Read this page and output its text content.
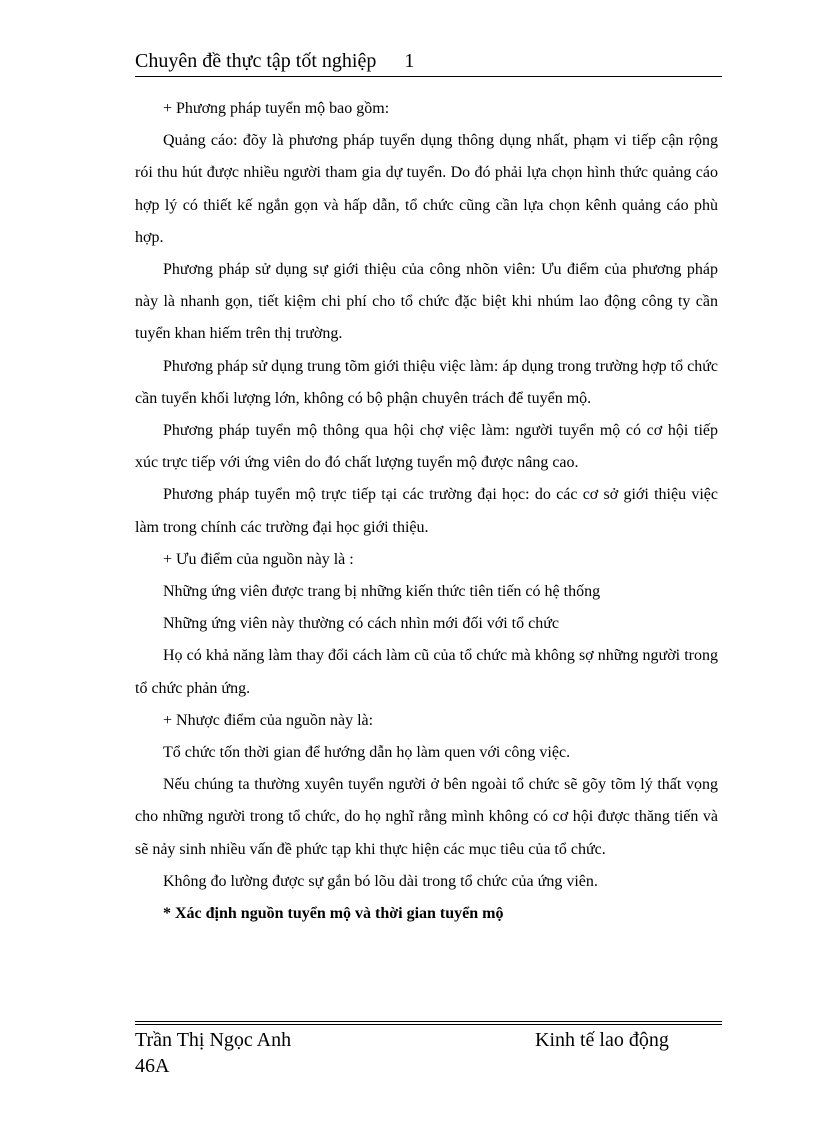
Chuyên đề thực tập tốt nghiệp 1

+ Phương pháp tuyển mộ bao gồm:

Quảng cáo: đõy là phương pháp tuyển dụng thông dụng nhất, phạm vi tiếp cận rộng rói thu hút được nhiều người tham gia dự tuyển. Do đó phải lựa chọn hình thức quảng cáo hợp lý có thiết kế ngắn gọn và hấp dẫn, tổ chức cũng cần lựa chọn kênh quảng cáo phù hợp.

Phương pháp sử dụng sự giới thiệu của công nhõn viên: Ưu điểm của phương pháp này là nhanh gọn, tiết kiệm chi phí cho tổ chức đặc biệt khi nhúm lao động công ty cần tuyển khan hiếm trên thị trường.

Phương pháp sử dụng trung tõm giới thiệu việc làm: áp dụng trong trường hợp tổ chức cần tuyển khối lượng lớn, không có bộ phận chuyên trách để tuyển mộ.

Phương pháp tuyển mộ thông qua hội chợ việc làm: người tuyển mộ có cơ hội tiếp xúc trực tiếp với ứng viên do đó chất lượng tuyển mộ được nâng cao.

Phương pháp tuyển mộ trực tiếp tại các trường đại học: do các cơ sở giới thiệu việc làm trong chính các trường đại học giới thiệu.

+ Ưu điểm của nguồn này là :

Những ứng viên được trang bị những kiến thức tiên tiến có hệ thống

Những ứng viên này thường có cách nhìn mới đối với tổ chức

Họ có khả năng làm thay đổi cách làm cũ của tổ chức mà không sợ những người trong tổ chức phản ứng.

+ Nhược điểm của nguồn này là:

Tổ chức tốn thời gian để hướng dẫn họ làm quen với công việc.

Nếu chúng ta thường xuyên tuyển người ở bên ngoài tổ chức sẽ gõy tõm lý thất vọng cho những người trong tổ chức, do họ nghĩ rằng mình không có cơ hội được thăng tiến và sẽ nảy sinh nhiều vấn đề phức tạp khi thực hiện các mục tiêu của tổ chức.

Không đo lường được sự gắn bó lõu dài trong tổ chức của ứng viên.

* Xác định nguồn tuyển mộ và thời gian tuyển mộ

Trần Thị Ngọc Anh
46A
Kinh tế lao động
